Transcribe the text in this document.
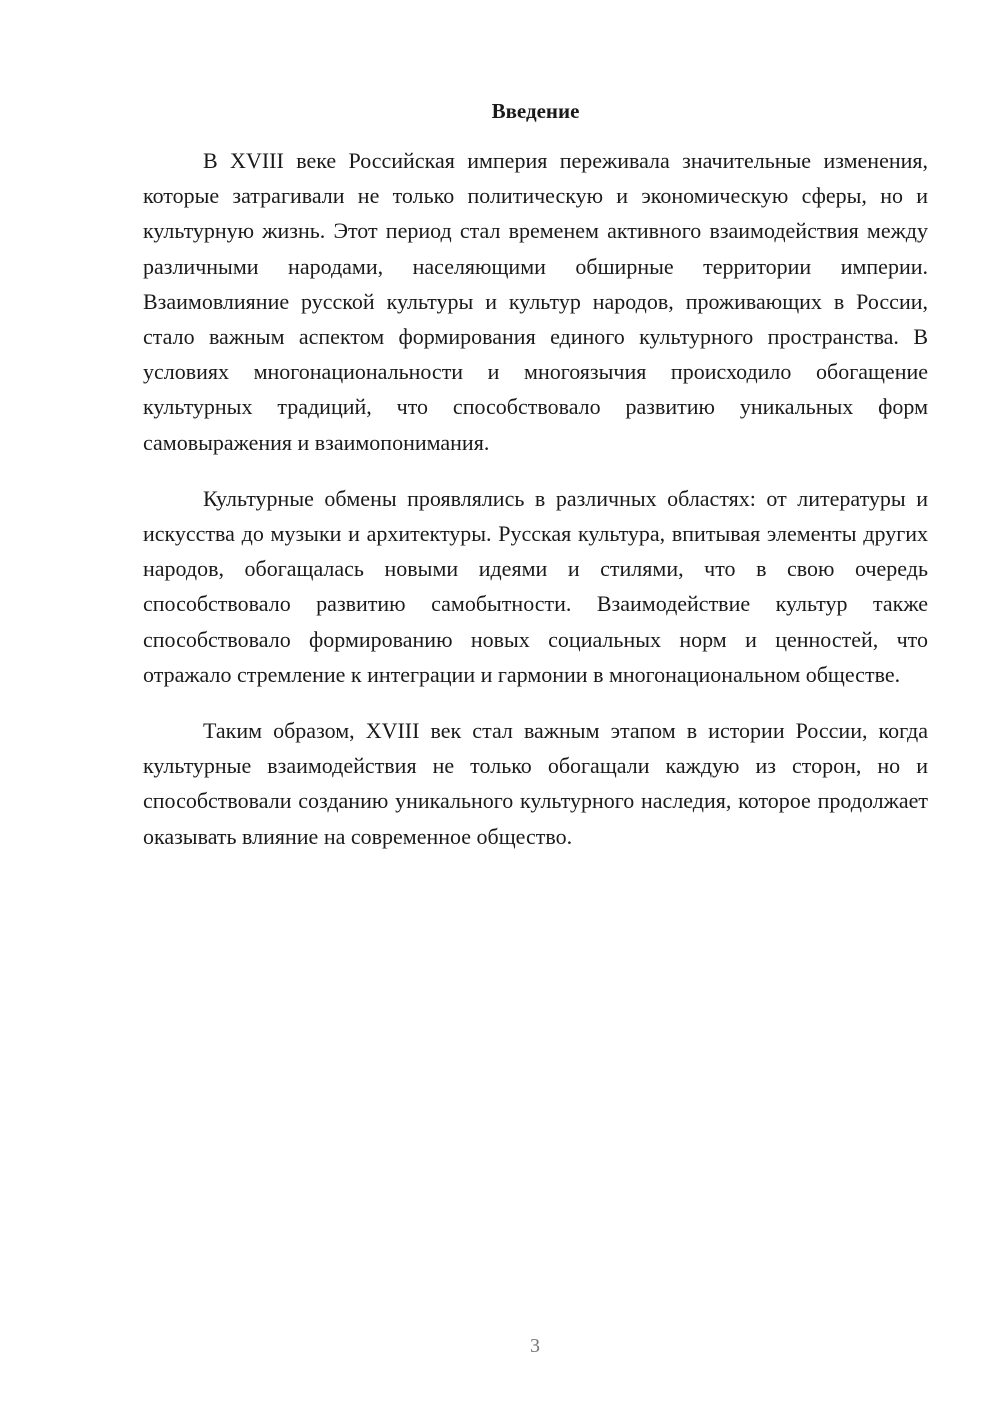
Введение

В XVIII веке Российская империя переживала значительные изменения, которые затрагивали не только политическую и экономическую сферы, но и культурную жизнь. Этот период стал временем активного взаимодействия между различными народами, населяющими обширные территории империи. Взаимовлияние русской культуры и культур народов, проживающих в России, стало важным аспектом формирования единого культурного пространства. В условиях многонациональности и многоязычия происходило обогащение культурных традиций, что способствовало развитию уникальных форм самовыражения и взаимопонимания.

Культурные обмены проявлялись в различных областях: от литературы и искусства до музыки и архитектуры. Русская культура, впитывая элементы других народов, обогащалась новыми идеями и стилями, что в свою очередь способствовало развитию самобытности. Взаимодействие культур также способствовало формированию новых социальных норм и ценностей, что отражало стремление к интеграции и гармонии в многонациональном обществе.

Таким образом, XVIII век стал важным этапом в истории России, когда культурные взаимодействия не только обогащали каждую из сторон, но и способствовали созданию уникального культурного наследия, которое продолжает оказывать влияние на современное общество.

3
